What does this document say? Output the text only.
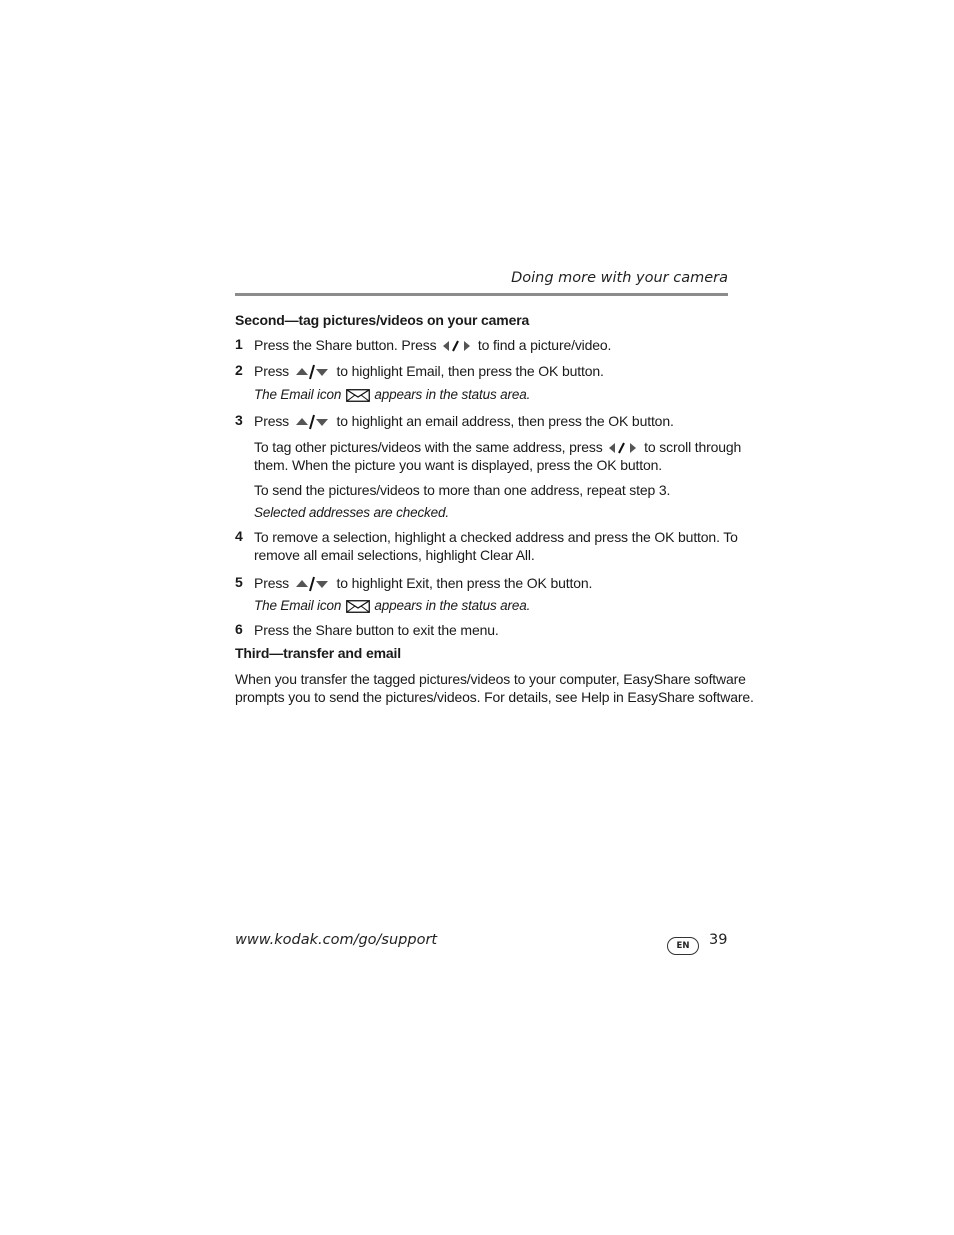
Doing more with your camera
Second—tag pictures/videos on your camera
1 Press the Share button. Press	to find a picture/video.
2 Press	to highlight Email, then press the OK button.
The Email icon appears in the status area.
3 Press	to highlight an email address, then press the OK button.
To tag other pictures/videos with the same address, press	to scroll through
them. When the picture you want is displayed, press the OK button.
To send the pictures/videos to more than one address, repeat step 3.
Selected addresses are checked.
4 To remove a selection, highlight a checked address and press the OK button. To
remove all email selections, highlight Clear All.
5 Press	to highlight Exit, then press the OK button.
The Email icon appears in the status area.
6 Press the Share button to exit the menu.
Third—transfer and email
When you transfer the tagged pictures/videos to your computer, EasyShare software
prompts you to send the pictures/videos. For details, see Help in EasyShare software.
www.kodak.com/go/support	EN	39
